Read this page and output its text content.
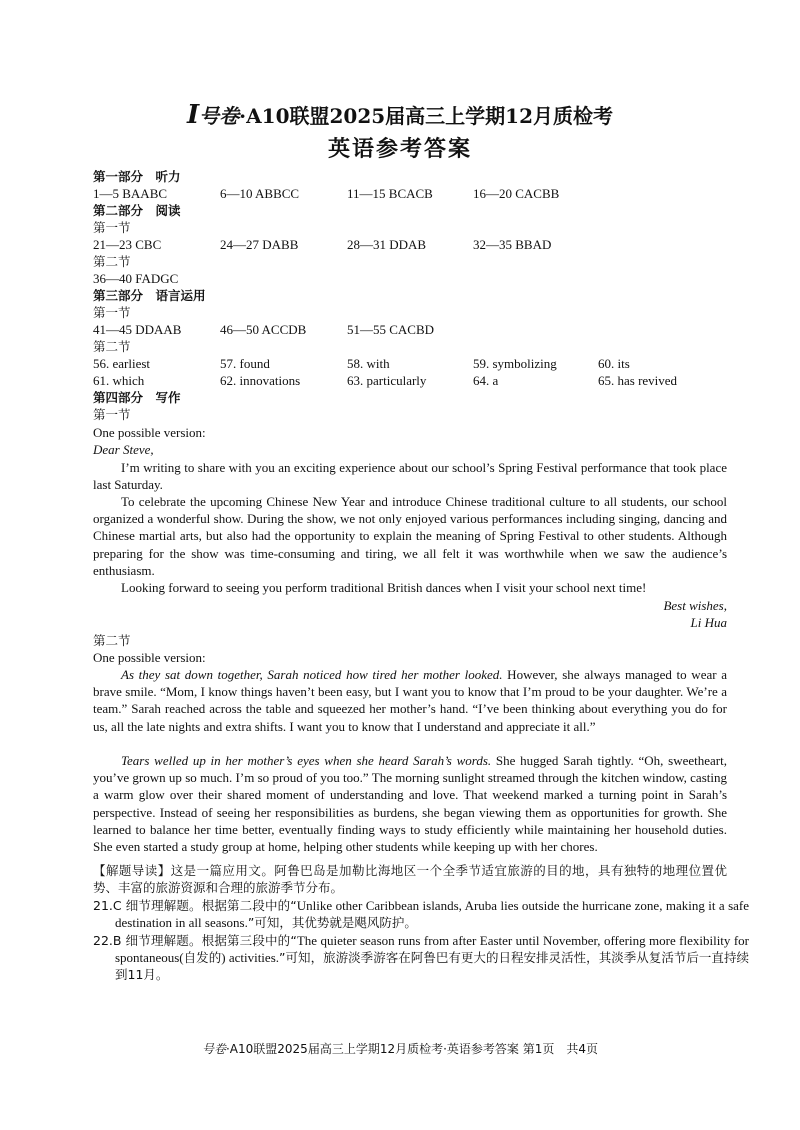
I号卷·A10联盟2025届高三上学期12月质检考
英语参考答案
第一部分　听力
1—5 BAABC	6—10 ABBCC	11—15 BCACB	16—20 CACBB
第二部分　阅读
第一节
21—23 CBC	24—27 DABB	28—31 DDAB	32—35 BBAD
第二节
36—40 FADGC
第三部分　语言运用
第一节
41—45 DDAAB	46—50 ACCDB	51—55 CACBD
第二节
56. earliest	57. found	58. with	59. symbolizing	60. its
61. which	62. innovations	63. particularly	64. a	65. has revived
第四部分　写作
第一节
One possible version:
Dear Steve,

I’m writing to share with you an exciting experience about our school’s Spring Festival performance that took place last Saturday.

To celebrate the upcoming Chinese New Year and introduce Chinese traditional culture to all students, our school organized a wonderful show. During the show, we not only enjoyed various performances including singing, dancing and Chinese martial arts, but also had the opportunity to explain the meaning of Spring Festival to other students. Although preparing for the show was time-consuming and tiring, we all felt it was worthwhile when we saw the audience’s enthusiasm.

Looking forward to seeing you perform traditional British dances when I visit your school next time!

Best wishes,
Li Hua
第二节
One possible version:

As they sat down together, Sarah noticed how tired her mother looked. However, she always managed to wear a brave smile. “Mom, I know things haven’t been easy, but I want you to know that I’m proud to be your daughter. We’re a team.” Sarah reached across the table and squeezed her mother’s hand. “I’ve been thinking about everything you do for us, all the late nights and extra shifts. I want you to know that I understand and appreciate it all.”

Tears welled up in her mother’s eyes when she heard Sarah’s words. She hugged Sarah tightly. “Oh, sweetheart, you’ve grown up so much. I’m so proud of you too.” The morning sunlight streamed through the kitchen window, casting a warm glow over their shared moment of understanding and love. That weekend marked a turning point in Sarah’s perspective. Instead of seeing her responsibilities as burdens, she began viewing them as opportunities for growth. She learned to balance her time better, eventually finding ways to study efficiently while maintaining her household duties. She even started a study group at home, helping other students while keeping up with her chores.

【解题导读】这是一篇应用文。阿鲁巴岛是加勒比海地区一个全季节适宜旅游的目的地，具有独特的地理位置优势、丰富的旅游资源和合理的旅游季节分布。

21.C 细节理解题。根据第二段中的“Unlike other Caribbean islands, Aruba lies outside the hurricane zone, making it a safe destination in all seasons.”可知，其优势就是飓风防护。

22.B 细节理解题。根据第三段中的“The quieter season runs from after Easter until November, offering more flexibility for spontaneous(自发的) activities.”可知，旅游淡季游客在阿鲁巴有更大的日程安排灵活性，其淡季从复活节后一直持续到11月。

号卷·A10联盟2025届高三上学期12月质检考·英语参考答案 第1页　共4页
